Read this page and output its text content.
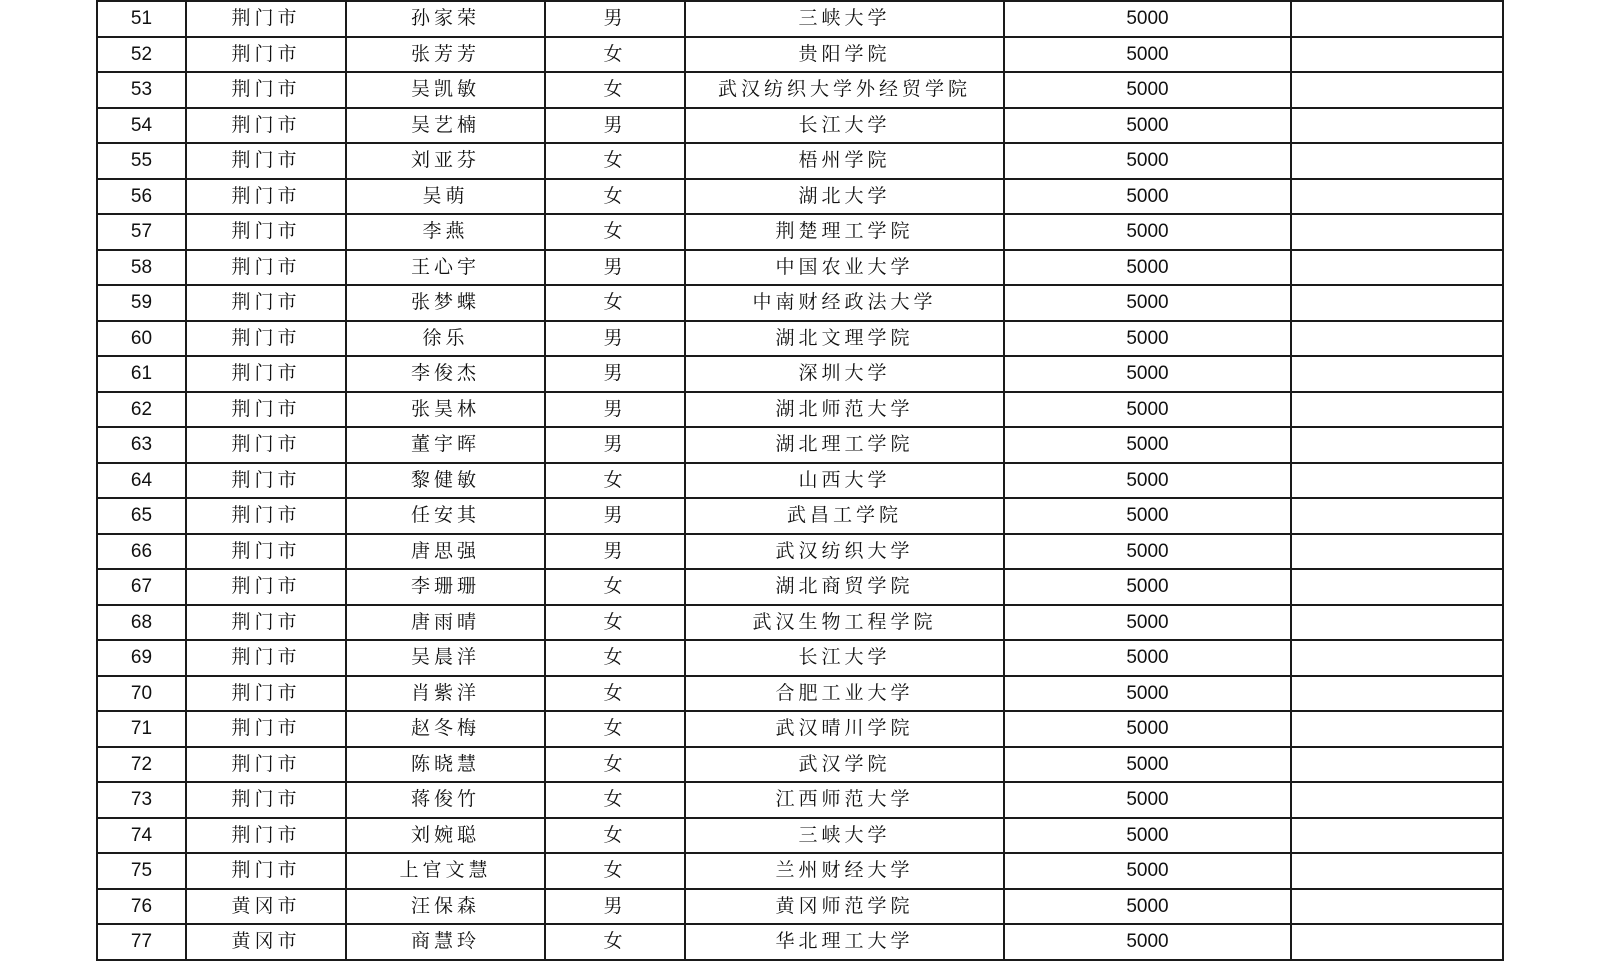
51	荆门市	孙家荣	男	三峡大学	5000	
52	荆门市	张芳芳	女	贵阳学院	5000	
53	荆门市	吴凯敏	女	武汉纺织大学外经贸学院	5000	
54	荆门市	吴艺楠	男	长江大学	5000	
55	荆门市	刘亚芬	女	梧州学院	5000	
56	荆门市	吴萌	女	湖北大学	5000	
57	荆门市	李燕	女	荆楚理工学院	5000	
58	荆门市	王心宇	男	中国农业大学	5000	
59	荆门市	张梦蝶	女	中南财经政法大学	5000	
60	荆门市	徐乐	男	湖北文理学院	5000	
61	荆门市	李俊杰	男	深圳大学	5000	
62	荆门市	张昊林	男	湖北师范大学	5000	
63	荆门市	董宇晖	男	湖北理工学院	5000	
64	荆门市	黎健敏	女	山西大学	5000	
65	荆门市	任安其	男	武昌工学院	5000	
66	荆门市	唐思强	男	武汉纺织大学	5000	
67	荆门市	李珊珊	女	湖北商贸学院	5000	
68	荆门市	唐雨晴	女	武汉生物工程学院	5000	
69	荆门市	吴晨洋	女	长江大学	5000	
70	荆门市	肖紫洋	女	合肥工业大学	5000	
71	荆门市	赵冬梅	女	武汉晴川学院	5000	
72	荆门市	陈晓慧	女	武汉学院	5000	
73	荆门市	蒋俊竹	女	江西师范大学	5000	
74	荆门市	刘婉聪	女	三峡大学	5000	
75	荆门市	上官文慧	女	兰州财经大学	5000	
76	黄冈市	汪保森	男	黄冈师范学院	5000	
77	黄冈市	商慧玲	女	华北理工大学	5000	
